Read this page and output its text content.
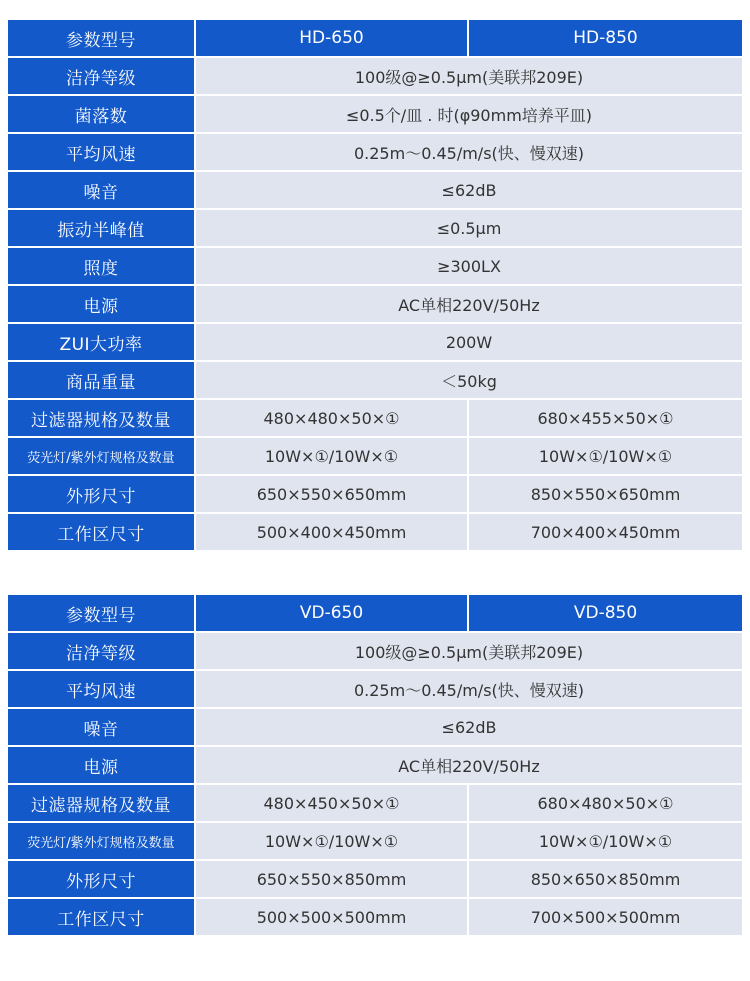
参数型号	HD-650	HD-850
洁净等级	100级@≥0.5μm(美联邦209E)	
菌落数	≤0.5个/皿 . 时(φ90mm培养平皿)	
平均风速	0.25m～0.45/m/s(快、慢双速)	
噪音	≤62dB	
振动半峰值	≤0.5μm	
照度	≥300LX	
电源	AC单相220V/50Hz	
ZUI大功率	200W	
商品重量	＜50kg	
过滤器规格及数量	480×480×50×①	680×455×50×①
荧光灯/紫外灯规格及数量	10W×①/10W×①	10W×①/10W×①
外形尺寸	650×550×650mm	850×550×650mm
工作区尺寸	500×400×450mm	700×400×450mm
参数型号	VD-650	VD-850
洁净等级	100级@≥0.5μm(美联邦209E)	
平均风速	0.25m～0.45/m/s(快、慢双速)	
噪音	≤62dB	
电源	AC单相220V/50Hz	
过滤器规格及数量	480×450×50×①	680×480×50×①
荧光灯/紫外灯规格及数量	10W×①/10W×①	10W×①/10W×①
外形尺寸	650×550×850mm	850×650×850mm
工作区尺寸	500×500×500mm	700×500×500mm
